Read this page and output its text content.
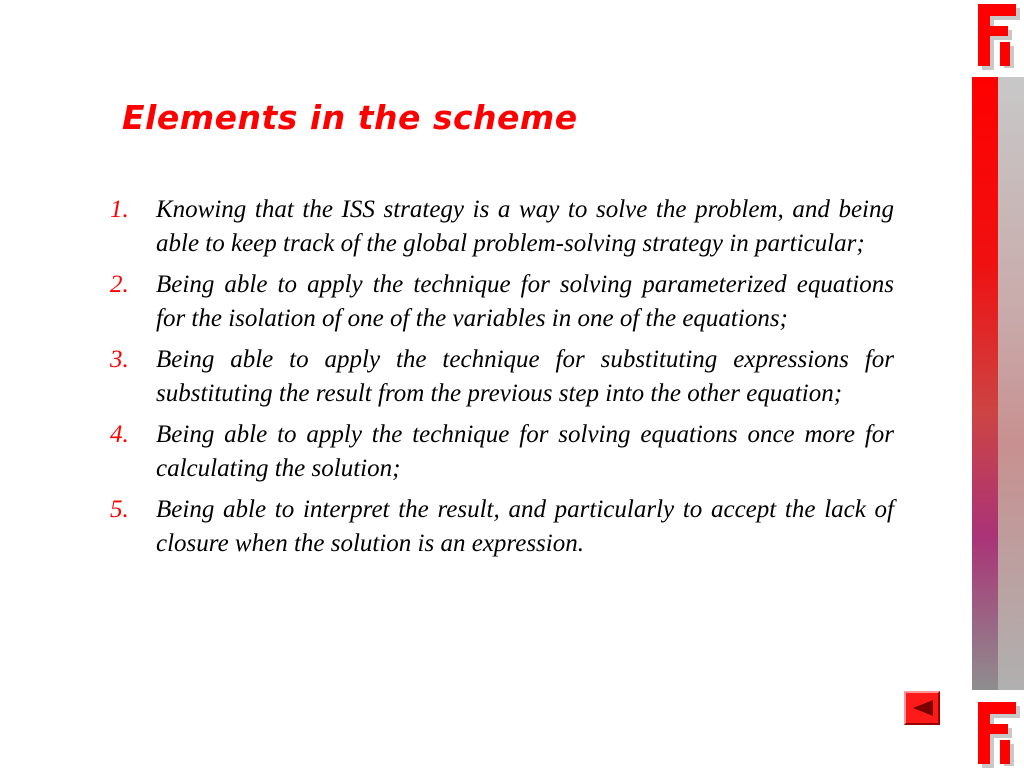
Elements in the scheme
1.	Knowing that the ISS strategy is a way to solve the problem, and being able to keep track of the global problem-solving strategy in particular;
2.	Being able to apply the technique for solving parameterized equations for the isolation of one of the variables in one of the equations;
3.	Being able to apply the technique for substituting expressions for substituting the result from the previous step into the other equation;
4.	Being able to apply the technique for solving equations once more for calculating the solution;
5.	Being able to interpret the result, and particularly to accept the lack of closure when the solution is an expression.
